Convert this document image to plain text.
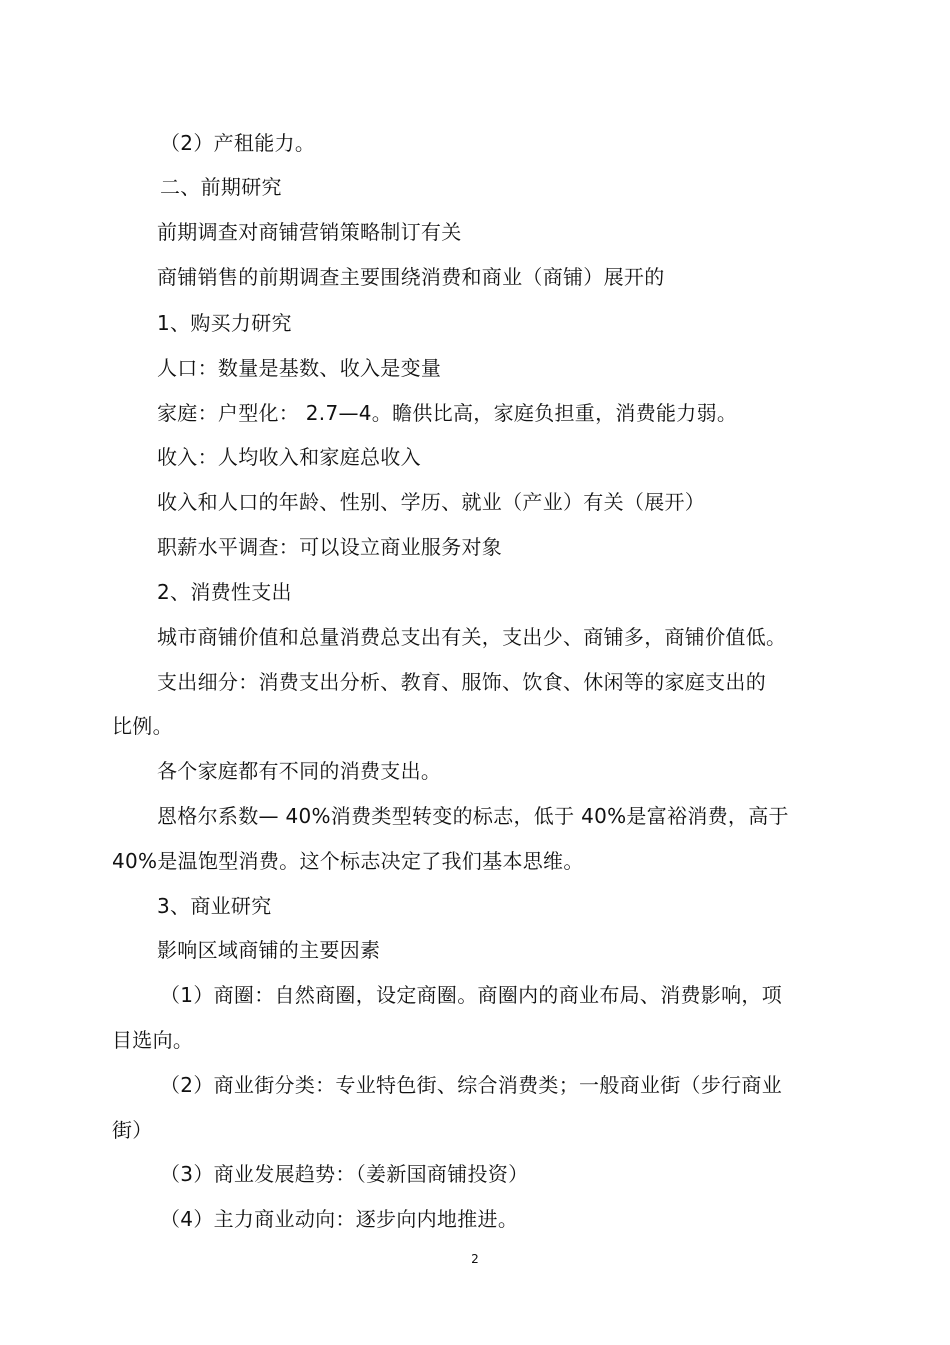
（2）产租能力。
二、前期研究
前期调查对商铺营销策略制订有关
商铺销售的前期调查主要围绕消费和商业（商铺）展开的
1、购买力研究
人口：数量是基数、收入是变量
家庭：户型化： 2.7—4。瞻供比高，家庭负担重，消费能力弱。
收入：人均收入和家庭总收入
收入和人口的年龄、性别、学历、就业（产业）有关（展开）
职薪水平调查：可以设立商业服务对象
2、消费性支出
城市商铺价值和总量消费总支出有关，支出少、商铺多，商铺价值低。
支出细分：消费支出分析、教育、服饰、饮食、休闲等的家庭支出的
比例。
各个家庭都有不同的消费支出。
恩格尔系数— 40%消费类型转变的标志，低于 40%是富裕消费，高于
40%是温饱型消费。这个标志决定了我们基本思维。
3、商业研究
影响区域商铺的主要因素
（1）商圈：自然商圈，设定商圈。商圈内的商业布局、消费影响，项
目选向。
（2）商业街分类：专业特色街、综合消费类；一般商业街（步行商业
街）
（3）商业发展趋势：（姜新国商铺投资）
（4）主力商业动向：逐步向内地推进。
2
